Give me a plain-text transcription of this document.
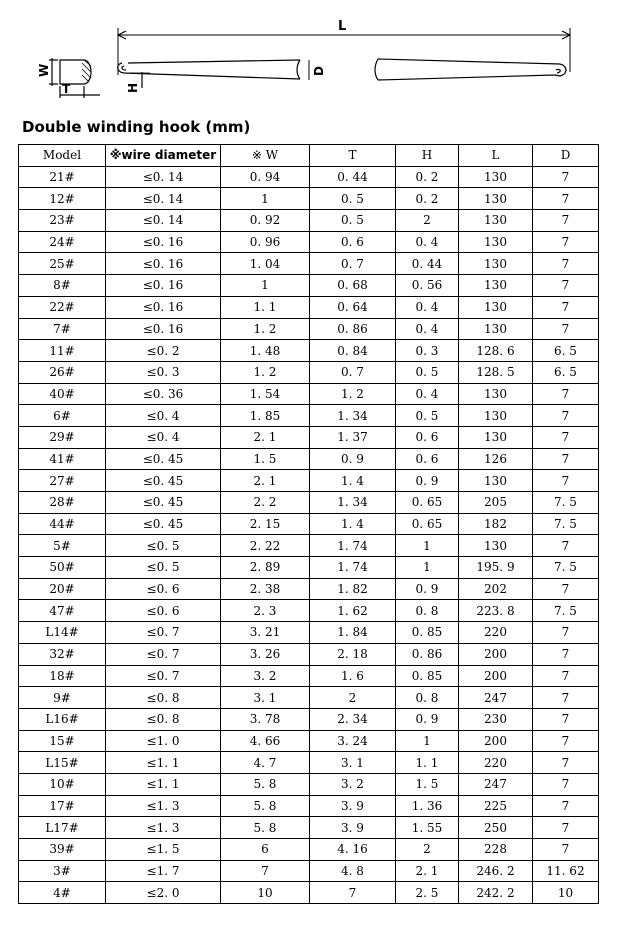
L
W
T	H
D
Double winding hook (mm)
Model	※wire diameter	※ W	T	H	L	D
21#	≤0. 14	0. 94	0. 44	0. 2	130	7
12#	≤0. 14	1	0. 5	0. 2	130	7
23#	≤0. 14	0. 92	0. 5	2	130	7
24#	≤0. 16	0. 96	0. 6	0. 4	130	7
25#	≤0. 16	1. 04	0. 7	0. 44	130	7
8#	≤0. 16	1	0. 68	0. 56	130	7
22#	≤0. 16	1. 1	0. 64	0. 4	130	7
7#	≤0. 16	1. 2	0. 86	0. 4	130	7
11#	≤0. 2	1. 48	0. 84	0. 3	128. 6	6. 5
26#	≤0. 3	1. 2	0. 7	0. 5	128. 5	6. 5
40#	≤0. 36	1. 54	1. 2	0. 4	130	7
6#	≤0. 4	1. 85	1. 34	0. 5	130	7
29#	≤0. 4	2. 1	1. 37	0. 6	130	7
41#	≤0. 45	1. 5	0. 9	0. 6	126	7
27#	≤0. 45	2. 1	1. 4	0. 9	130	7
28#	≤0. 45	2. 2	1. 34	0. 65	205	7. 5
44#	≤0. 45	2. 15	1. 4	0. 65	182	7. 5
5#	≤0. 5	2. 22	1. 74	1	130	7
50#	≤0. 5	2. 89	1. 74	1	195. 9	7. 5
20#	≤0. 6	2. 38	1. 82	0. 9	202	7
47#	≤0. 6	2. 3	1. 62	0. 8	223. 8	7. 5
L14#	≤0. 7	3. 21	1. 84	0. 85	220	7
32#	≤0. 7	3. 26	2. 18	0. 86	200	7
18#	≤0. 7	3. 2	1. 6	0. 85	200	7
9#	≤0. 8	3. 1	2	0. 8	247	7
L16#	≤0. 8	3. 78	2. 34	0. 9	230	7
15#	≤1. 0	4. 66	3. 24	1	200	7
L15#	≤1. 1	4. 7	3. 1	1. 1	220	7
10#	≤1. 1	5. 8	3. 2	1. 5	247	7
17#	≤1. 3	5. 8	3. 9	1. 36	225	7
L17#	≤1. 3	5. 8	3. 9	1. 55	250	7
39#	≤1. 5	6	4. 16	2	228	7
3#	≤1. 7	7	4. 8	2. 1	246. 2	11. 62
4#	≤2. 0	10	7	2. 5	242. 2	10
